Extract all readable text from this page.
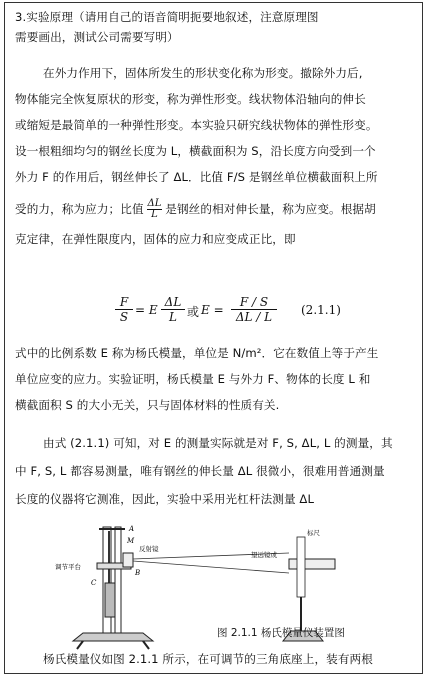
3.实验原理（请用自己的语音简明扼要地叙述，注意原理图
需要画出，测试公司需要写明）
在外力作用下，固体所发生的形状变化称为形变。撤除外力后,
物体能完全恢复原状的形变，称为弹性形变。线状物体沿轴向的伸长
或缩短是最简单的一种弹性形变。本实验只研究线状物体的弹性形变。
设一根粗细均匀的钢丝长度为 L，横截面积为 S，沿长度方向受到一个
外力 F 的作用后，钢丝伸长了 ΔL．比值 F/S 是钢丝单位横截面积上所
受的力，称为应力；比值 $\frac{\Delta L}{L}$ 是钢丝的相对伸长量，称为应变。根据胡
克定律，在弹性限度内，固体的应力和应变成正比，即
$\frac{F}{S} = E \frac{\Delta L}{L}$ 或 $E = \frac{F / S}{\Delta L / L} (2.1.1)$
式中的比例系数 E 称为杨氏模量，单位是 N/m²．它在数值上等于产生
单位应变的应力。实验证明，杨氏模量 E 与外力 F、物体的长度 L 和
横截面积 S 的大小无关，只与固体材料的性质有关.
由式 (2.1.1) 可知，对 E 的测量实际就是对 F, S, ΔL, L 的测量，其
中 F, S, L 都容易测量，唯有钢丝的伸长量 ΔL 很微小，很难用普通测量
长度的仪器将它测准，因此，实验中采用光杠杆法测量 ΔL
A
M
反射镜
B
调节平台
C
标尺
望远镜或
图 2.1.1 杨氏模量仪装置图
杨氏模量仪如图 2.1.1 所示，在可调节的三角底座上，装有两根
